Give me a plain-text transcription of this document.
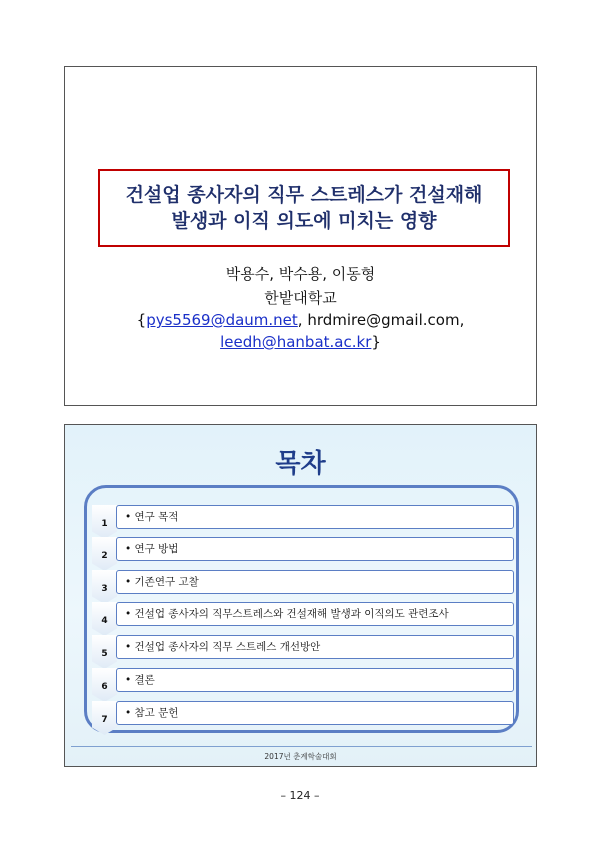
건설업 종사자의 직무 스트레스가 건설재해
발생과 이직 의도에 미치는 영향
박용수, 박수용, 이동형
한밭대학교
{pys5569@daum.net, hrdmire@gmail.com,
leedh@hanbat.ac.kr}
목차
1
• 연구 목적
2
• 연구 방법
3
• 기존연구 고찰
4
• 건설업 종사자의 직무스트레스와 건설재해 발생과 이직의도 관련조사
5
• 건설업 종사자의 직무 스트레스 개선방안
6
• 결론
7
• 참고 문헌
2017년 춘계학술대회
– 124 –
